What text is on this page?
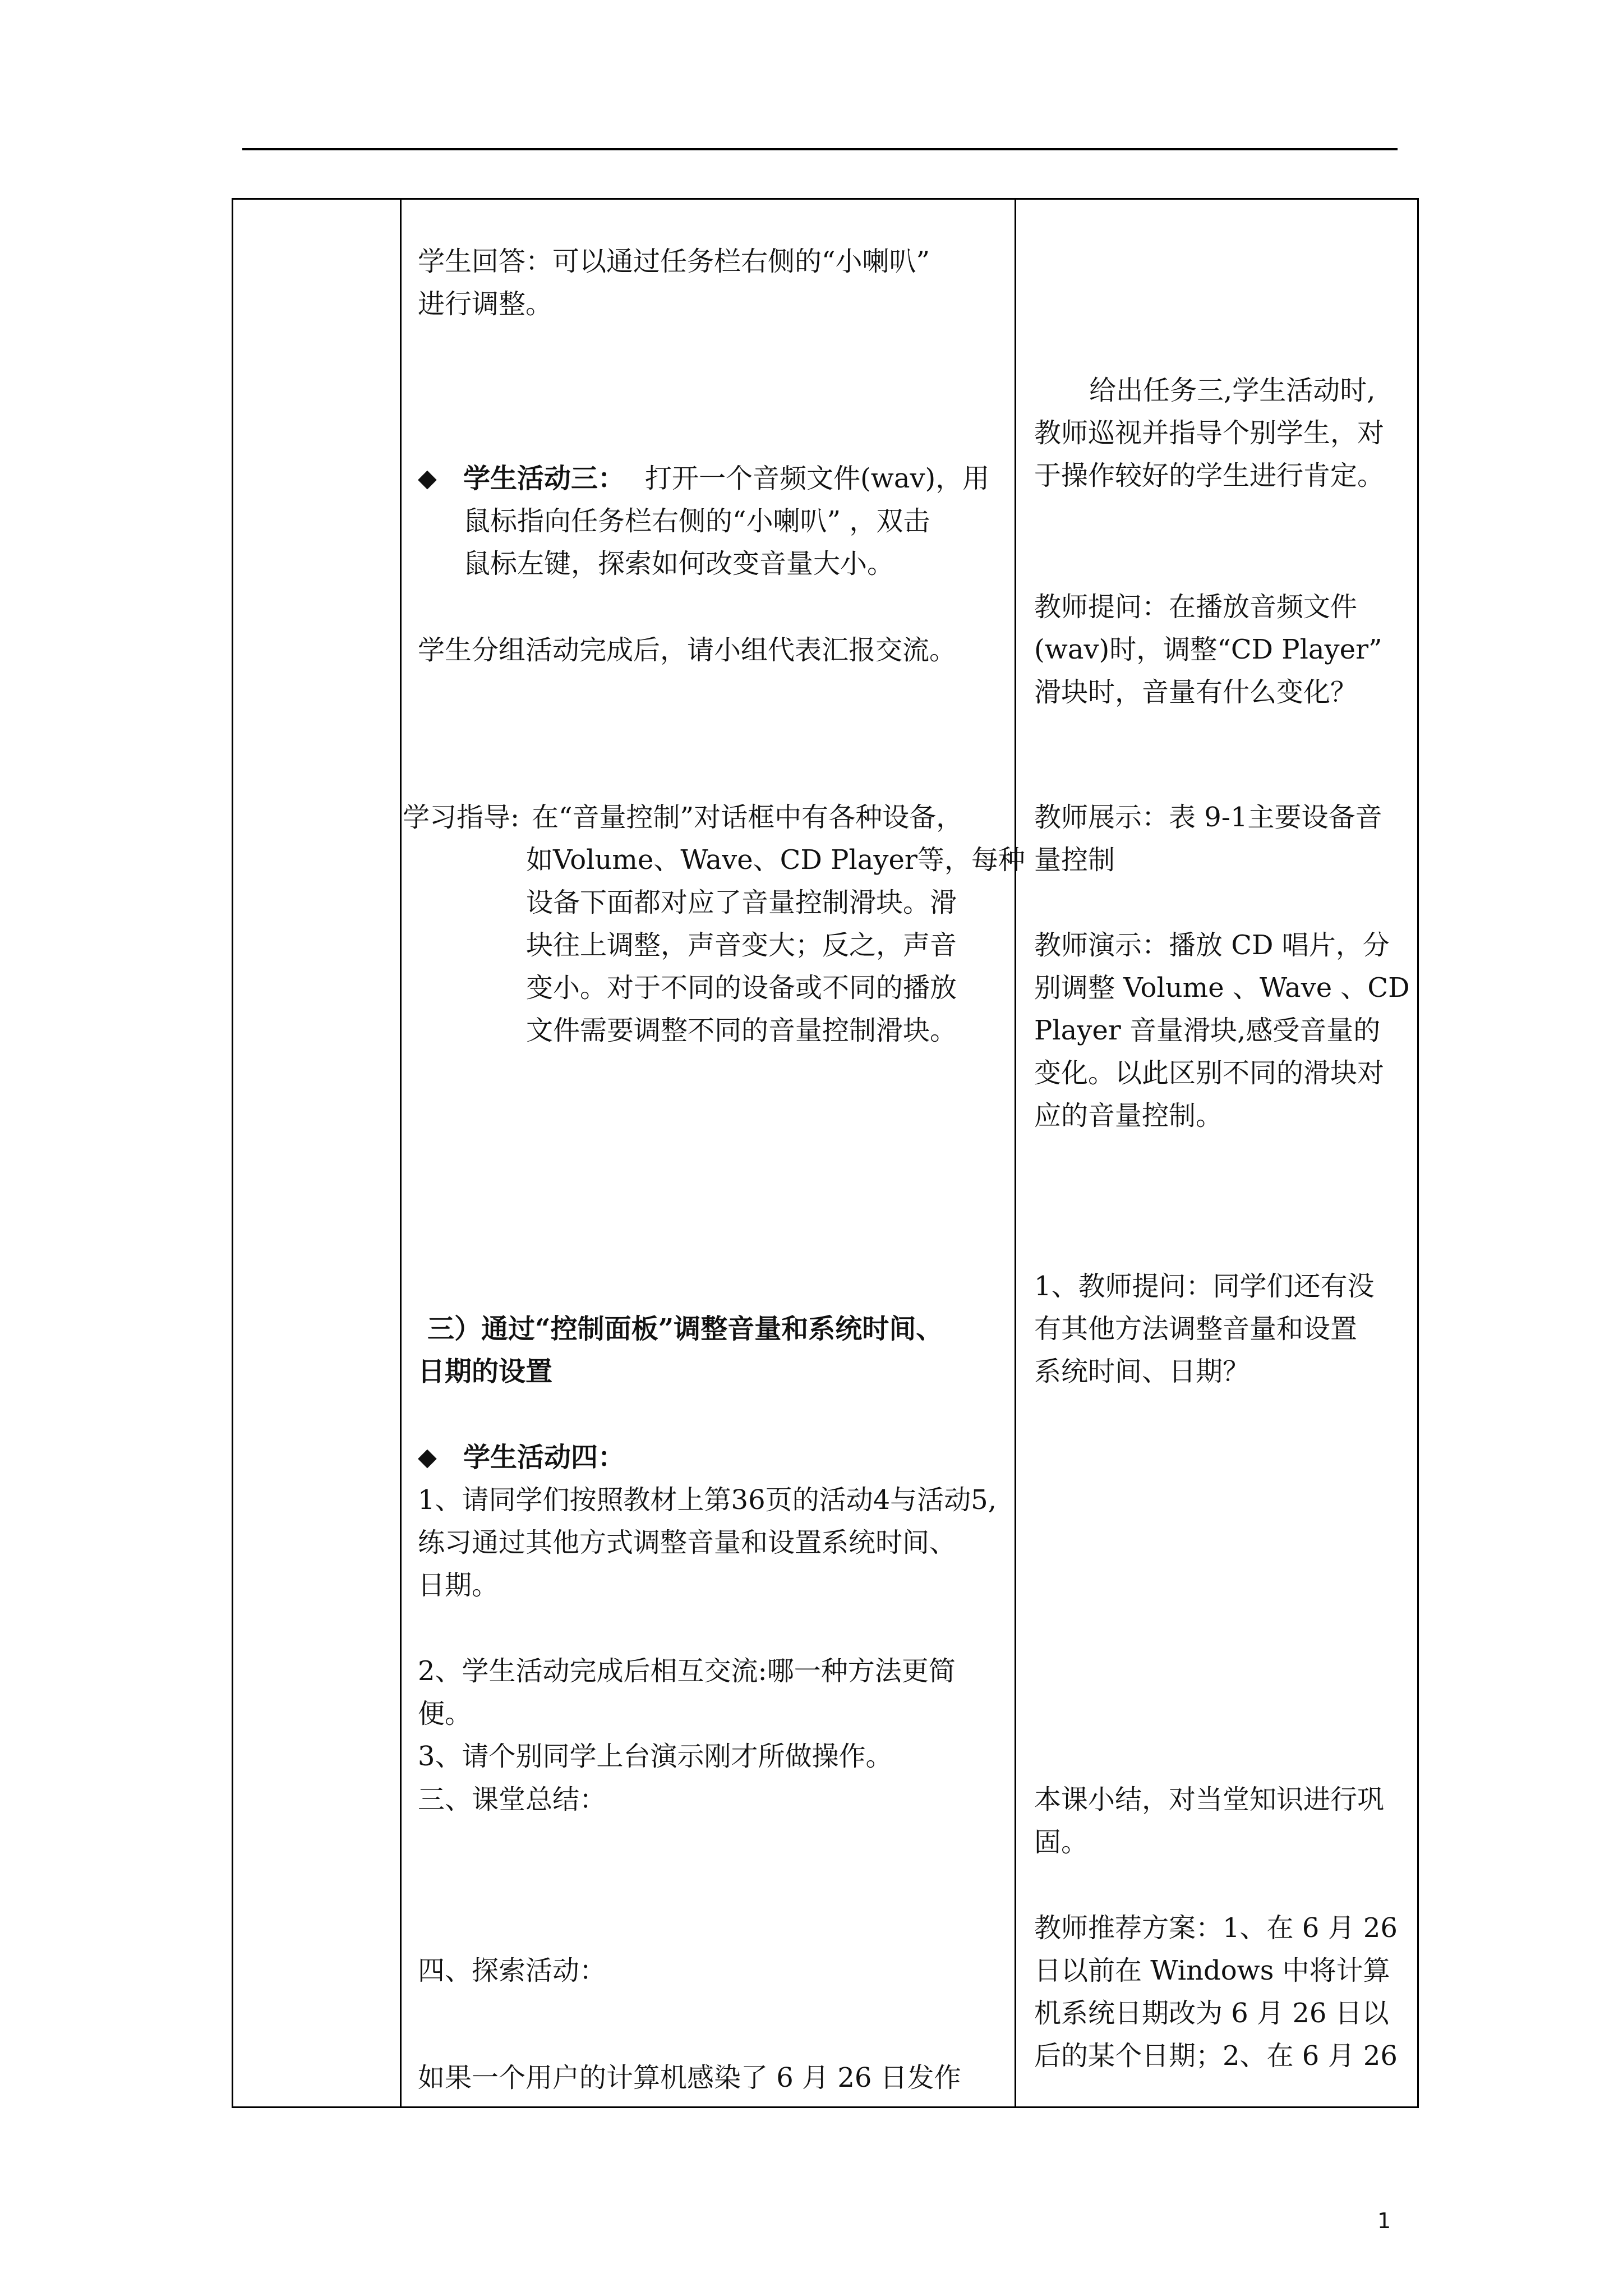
学生回答：可以通过任务栏右侧的“小喇叭”
进行调整。
◆ 学生活动三： 打开一个音频文件(wav)，用
鼠标指向任务栏右侧的“小喇叭” ，双击
鼠标左键，探索如何改变音量大小。
学生分组活动完成后，请小组代表汇报交流。
学习指导: 在“音量控制”对话框中有各种设备，
如Volume、Wave、CD Player等，每种
设备下面都对应了音量控制滑块。滑
块往上调整，声音变大；反之，声音
变小。对于不同的设备或不同的播放
文件需要调整不同的音量控制滑块。
三）通过“控制面板”调整音量和系统时间、
日期的设置
◆ 学生活动四：
1、请同学们按照教材上第36页的活动4与活动5,
练习通过其他方式调整音量和设置系统时间、
日期。
2、学生活动完成后相互交流:哪一种方法更简
便。
3、请个别同学上台演示刚才所做操作。
三、课堂总结：
四、探索活动：
如果一个用户的计算机感染了 6 月 26 日发作
给出任务三,学生活动时,
教师巡视并指导个别学生，对
于操作较好的学生进行肯定。
教师提问：在播放音频文件
(wav)时，调整“CD Player”
滑块时，音量有什么变化？
教师展示：表 9-1主要设备音
量控制
教师演示：播放 CD 唱片，分
别调整 Volume 、Wave 、CD
Player 音量滑块,感受音量的
变化。以此区别不同的滑块对
应的音量控制。
1、教师提问：同学们还有没
有其他方法调整音量和设置
系统时间、日期？
本课小结，对当堂知识进行巩
固。
教师推荐方案：1、在 6 月 26
日以前在 Windows 中将计算
机系统日期改为 6 月 26 日以
后的某个日期；2、在 6 月 26
1
